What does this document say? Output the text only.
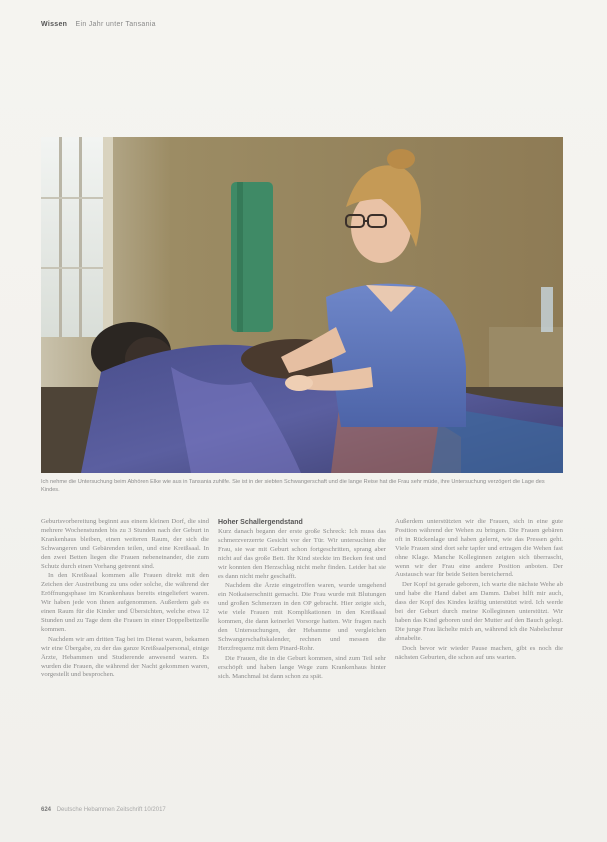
Wissen Ein Jahr unter Tansania
Ich nehme die Untersuchung beim Abhören Elke wie aus in Tansania zuhilfe. Sie ist in der siebten Schwangerschaft und die lange Reise hat die Frau sehr müde, ihre Untersuchung verzögert die Lage des Kindes.

Geburtsvorbereitung beginnt aus einem kleinen Dorf, die sind mehrere Wochenstunden bis zu 3 Stunden nach der Geburt in Krankenhaus bleiben, einen weiteren Raum, der sich die Schwangeren und Gebärenden teilen, und eine Kreißsaal. In den zwei Betten liegen die Frauen nebeneinander, die zum Schutz durch einen Vorhang getrennt sind.

In den Kreißsaal kommen alle Frauen direkt mit den Zeichen der Austreibung zu uns oder solche, die während der Eröffnungsphase im Krankenhaus bereits eingeliefert waren. Wir haben jede von ihnen aufgenommen. Außerdem gab es einen Raum für die Kinder und Übersichten, welche etwa 12 Stunden und zu Tage dem die Frauen in einer Doppelbettzelle kommen.

Nachdem wir am dritten Tag bei im Dienst waren, bekamen wir eine Übergabe, zu der das ganze Kreißsaalpersonal, einige Ärzte, Hebammen und Studierende anwesend waren. Es wurden die Frauen, die während der Nacht gekommen waren, vorgestellt und besprochen.

Hoher Schallergendstand

Kurz danach begann der erste große Schreck: Ich muss das schmerzverzerrte Gesicht vor der Tür. Wir untersuchten die Frau, sie war mit Geburt schon fortgeschritten, sprang aber nicht auf das große Bett. Ihr Kind steckte im Becken fest und wir konnten den Herzschlag nicht mehr finden. Leider hat sie es dann nicht mehr geschafft.

Nachdem die Ärzte eingetroffen waren, wurde umgehend ein Notkaiserschnitt gemacht. Die Frau wurde mit Blutungen und großen Schmerzen in den OP gebracht. Hier zeigte sich, wie viele Frauen mit Komplikationen in den Kreißsaal kommen, die dann keinerlei Vorsorge hatten. Wir fragen nach den Untersuchungen, der Hebamme und vergleichen Schwangerschaftskalender, rechnen und messen die Herzfrequenz mit dem Pinard-Rohr.

Die Frauen, die in die Geburt kommen, sind zum Teil sehr erschöpft und haben lange Wege zum Krankenhaus hinter sich. Manchmal ist dann schon zu spät.

Außerdem unterstützten wir die Frauen, sich in eine gute Position während der Wehen zu bringen. Die Frauen gebären oft in Rückenlage und haben gelernt, wie das Pressen geht. Viele Frauen sind dort sehr tapfer und ertragen die Wehen fast ohne Klage. Manche Kolleginnen zeigten sich überrascht, wenn wir der Frau eine andere Position anboten. Der Austausch war für beide Seiten bereichernd.

Der Kopf ist gerade geboren, ich warte die nächste Wehe ab und habe die Hand dabei am Damm. Dabei hilft mir auch, dass der Kopf des Kindes kräftig unterstützt wird. Ich werde bei der Geburt durch meine Kolleginnen unterstützt. Wir haben das Kind geboren und der Mutter auf den Bauch gelegt. Die junge Frau lächelte mich an, während ich die Nabelschnur abnabelte.

Doch bevor wir wieder Pause machen, gibt es noch die nächsten Geburten, die schon auf uns warten.

624 Deutsche Hebammen Zeitschrift 10/2017
